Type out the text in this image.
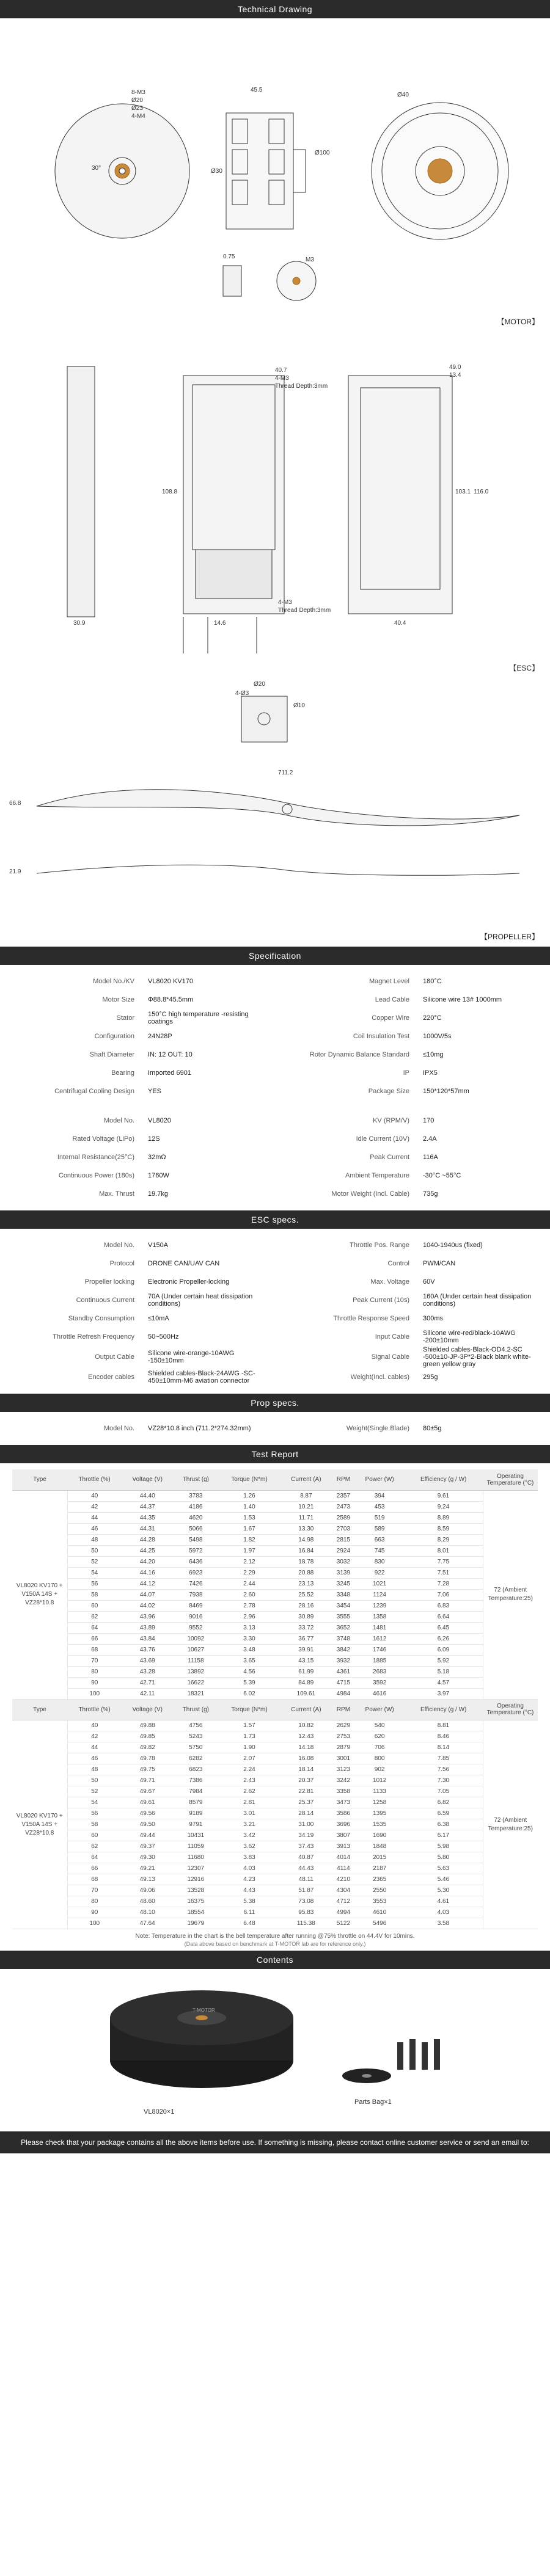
Technical Drawing
8-M3
Ø20
Ø23
4-M4
45.5
Ø30
Ø40
Ø100
30°
0.75	M3
【MOTOR】
40.7
4-M3
Thread Depth:3mm
49.0
13.4
108.8	103.1 116.0
4-M3
Thread Depth:3mm
30.9	14.6	40.4
【ESC】
Ø20
4-Ø3
Ø10
711.2
66.8
21.9
【PROPELLER】
Specification
Model No./KV	VL8020 KV170	Magnet Level	180°C
Motor Size	Φ88.8*45.5mm	Lead Cable	Silicone wire 13# 1000mm
Stator	150°C high temperature -resisting coatings	Copper Wire	220°C
Configuration	24N28P	Coil Insulation Test	1000V/5s
Shaft Diameter	IN: 12 OUT: 10	Rotor Dynamic Balance Standard	≤10mg
Bearing	Imported 6901	IP	IPX5
Centrifugal Cooling Design	YES	Package Size	150*120*57mm

Model No.	VL8020	KV (RPM/V)	170
Rated Voltage (LiPo)	12S	Idle Current (10V)	2.4A
Internal Resistance(25°C)	32mΩ	Peak Current	116A
Continuous Power (180s)	1760W	Ambient Temperature	-30°C ~55°C
Max. Thrust	19.7kg	Motor Weight (Incl. Cable)	735g
ESC specs.
Model No.	V150A	Throttle Pos. Range	1040-1940us (fixed)
Protocol	DRONE CAN/UAV CAN	Control	PWM/CAN
Propeller locking	Electronic Propeller-locking	Max. Voltage	60V
Continuous Current	70A (Under certain heat dissipation conditions)	Peak Current (10s)	160A (Under certain heat dissipation conditions)
Standby Consumption	≤10mA	Throttle Response Speed	300ms
Throttle Refresh Frequency	50~500Hz	Input Cable	Silicone wire-red/black-10AWG -200±10mm
Output Cable	Silicone wire-orange-10AWG -150±10mm	Signal Cable	Shielded cables-Black-OD4.2-SC -500±10-JP-3P*2-Black blank white-green yellow gray
Encoder cables	Shielded cables-Black-24AWG -SC-450±10mm-M6 aviation connector	Weight(Incl. cables)	295g
Prop specs.
Model No.	VZ28*10.8 inch (711.2*274.32mm)	Weight(Single Blade)	80±5g
Test Report
Type	Throttle (%)	Voltage (V)	Thrust (g)	Torque (N*m)	Current (A)	RPM	Power (W)	Efficiency (g / W)	Operating Temperature (°C)
VL8020 KV170 + V150A 14S + VZ28*10.8	40	44.40	3783	1.26	8.87	2357	394	9.61	72 (Ambient Temperature:25)
	42	44.37	4186	1.40	10.21	2473	453	9.24	
	44	44.35	4620	1.53	11.71	2589	519	8.89	
	46	44.31	5066	1.67	13.30	2703	589	8.59	
	48	44.28	5498	1.82	14.98	2815	663	8.29	
	50	44.25	5972	1.97	16.84	2924	745	8.01	
	52	44.20	6436	2.12	18.78	3032	830	7.75	
	54	44.16	6923	2.29	20.88	3139	922	7.51	
	56	44.12	7426	2.44	23.13	3245	1021	7.28	
	58	44.07	7938	2.60	25.52	3348	1124	7.06	
	60	44.02	8469	2.78	28.16	3454	1239	6.83	
	62	43.96	9016	2.96	30.89	3555	1358	6.64	
	64	43.89	9552	3.13	33.72	3652	1481	6.45	
	66	43.84	10092	3.30	36.77	3748	1612	6.26	
	68	43.76	10627	3.48	39.91	3842	1746	6.09	
	70	43.69	11158	3.65	43.15	3932	1885	5.92	
	80	43.28	13892	4.56	61.99	4361	2683	5.18	
	90	42.71	16622	5.39	84.89	4715	3592	4.57	
	100	42.11	18321	6.02	109.61	4984	4616	3.97	
Type	Throttle (%)	Voltage (V)	Thrust (g)	Torque (N*m)	Current (A)	RPM	Power (W)	Efficiency (g / W)	Operating Temperature (°C)
VL8020 KV170 + V150A 14S + VZ28*10.8	40	49.88	4756	1.57	10.82	2629	540	8.81	72 (Ambient Temperature:25)
	42	49.85	5243	1.73	12.43	2753	620	8.46	
	44	49.82	5750	1.90	14.18	2879	706	8.14	
	46	49.78	6282	2.07	16.08	3001	800	7.85	
	48	49.75	6823	2.24	18.14	3123	902	7.56	
	50	49.71	7386	2.43	20.37	3242	1012	7.30	
	52	49.67	7984	2.62	22.81	3358	1133	7.05	
	54	49.61	8579	2.81	25.37	3473	1258	6.82	
	56	49.56	9189	3.01	28.14	3586	1395	6.59	
	58	49.50	9791	3.21	31.00	3696	1535	6.38	
	60	49.44	10431	3.42	34.19	3807	1690	6.17	
	62	49.37	11059	3.62	37.43	3913	1848	5.98	
	64	49.30	11680	3.83	40.87	4014	2015	5.80	
	66	49.21	12307	4.03	44.43	4114	2187	5.63	
	68	49.13	12916	4.23	48.11	4210	2365	5.46	
	70	49.06	13528	4.43	51.87	4304	2550	5.30	
	80	48.60	16375	5.38	73.08	4712	3553	4.61	
	90	48.10	18554	6.11	95.83	4994	4610	4.03	
	100	47.64	19679	6.48	115.38	5122	5496	3.58	
Note: Temperature in the chart is the bell temperature after running @75% throttle on 44.4V for 10mins.
(Data above based on benchmark at T-MOTOR lab are for reference only.)
Contents
T-MOTOR
VL8020×1
Parts Bag×1
Please check that your package contains all the above items before use. If something is missing, please contact online customer service or send an email to:
